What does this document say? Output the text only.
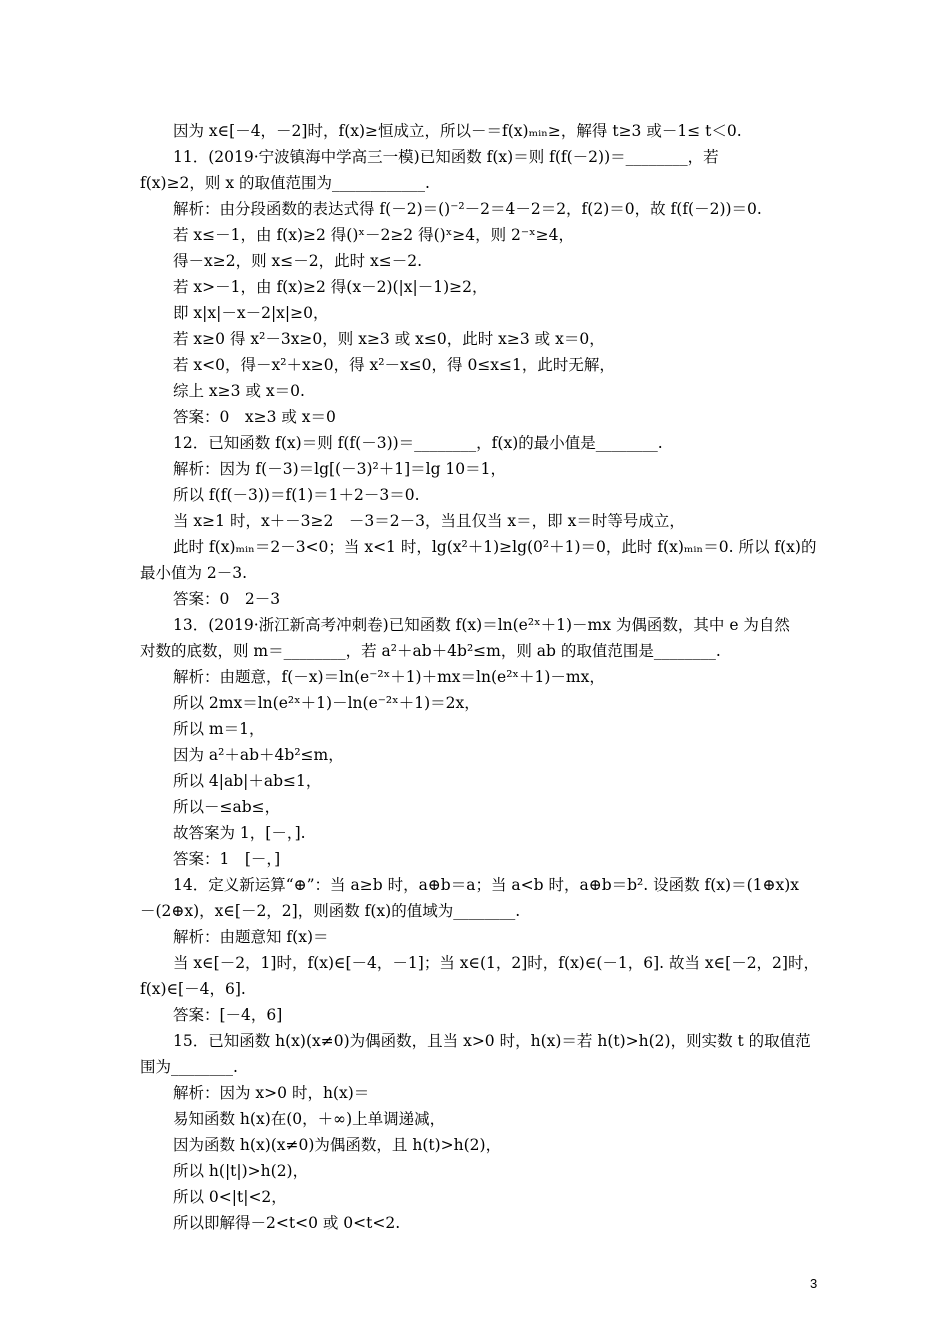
因为 x∈[－4，－2]时，f(x)≥恒成立，所以－＝f(x)ₘᵢₙ≥，解得 t≥3 或－1≤ t＜0.
11．(2019·宁波镇海中学高三一模)已知函数 f(x)＝则 f(f(－2))＝________，若
f(x)≥2，则 x 的取值范围为____________.
解析：由分段函数的表达式得 f(－2)＝()⁻²－2＝4－2＝2，f(2)＝0，故 f(f(－2))＝0.
若 x≤－1，由 f(x)≥2 得()ˣ－2≥2 得()ˣ≥4，则 2⁻ˣ≥4，
得－x≥2，则 x≤－2，此时 x≤－2.
若 x>－1，由 f(x)≥2 得(x－2)(|x|－1)≥2，
即 x|x|－x－2|x|≥0，
若 x≥0 得 x²－3x≥0，则 x≥3 或 x≤0，此时 x≥3 或 x＝0，
若 x<0，得－x²＋x≥0，得 x²－x≤0，得 0≤x≤1，此时无解，
综上 x≥3 或 x＝0.
答案：0　x≥3 或 x＝0
12．已知函数 f(x)＝则 f(f(－3))＝________，f(x)的最小值是________.
解析：因为 f(－3)＝lg[(－3)²＋1]＝lg 10＝1，
所以 f(f(－3))＝f(1)＝1＋2－3＝0.
当 x≥1 时，x＋－3≥2　－3＝2－3，当且仅当 x＝，即 x＝时等号成立，
此时 f(x)ₘᵢₙ＝2－3<0；当 x<1 时，lg(x²＋1)≥lg(0²＋1)＝0，此时 f(x)ₘᵢₙ＝0. 所以 f(x)的
最小值为 2－3.
答案：0　2－3
13．(2019·浙江新高考冲刺卷)已知函数 f(x)＝ln(e²ˣ＋1)－mx 为偶函数，其中 e 为自然
对数的底数，则 m＝________，若 a²＋ab＋4b²≤m，则 ab 的取值范围是________.
解析：由题意，f(－x)＝ln(e⁻²ˣ＋1)＋mx＝ln(e²ˣ＋1)－mx，
所以 2mx＝ln(e²ˣ＋1)－ln(e⁻²ˣ＋1)＝2x，
所以 m＝1，
因为 a²＋ab＋4b²≤m，
所以 4|ab|＋ab≤1，
所以－≤ab≤，
故答案为 1，[－，].
答案：1　[－，]
14．定义新运算“⊕”：当 a≥b 时，a⊕b＝a；当 a<b 时，a⊕b＝b². 设函数 f(x)＝(1⊕x)x
－(2⊕x)，x∈[－2，2]，则函数 f(x)的值域为________.
解析：由题意知 f(x)＝
当 x∈[－2，1]时，f(x)∈[－4，－1]；当 x∈(1，2]时，f(x)∈(－1，6]. 故当 x∈[－2，2]时，
f(x)∈[－4，6].
答案：[－4，6]
15．已知函数 h(x)(x≠0)为偶函数，且当 x>0 时，h(x)＝若 h(t)>h(2)，则实数 t 的取值范
围为________.
解析：因为 x>0 时，h(x)＝
易知函数 h(x)在(0，＋∞)上单调递减，
因为函数 h(x)(x≠0)为偶函数，且 h(t)>h(2)，
所以 h(|t|)>h(2)，
所以 0<|t|<2，
所以即解得－2<t<0 或 0<t<2.
3
